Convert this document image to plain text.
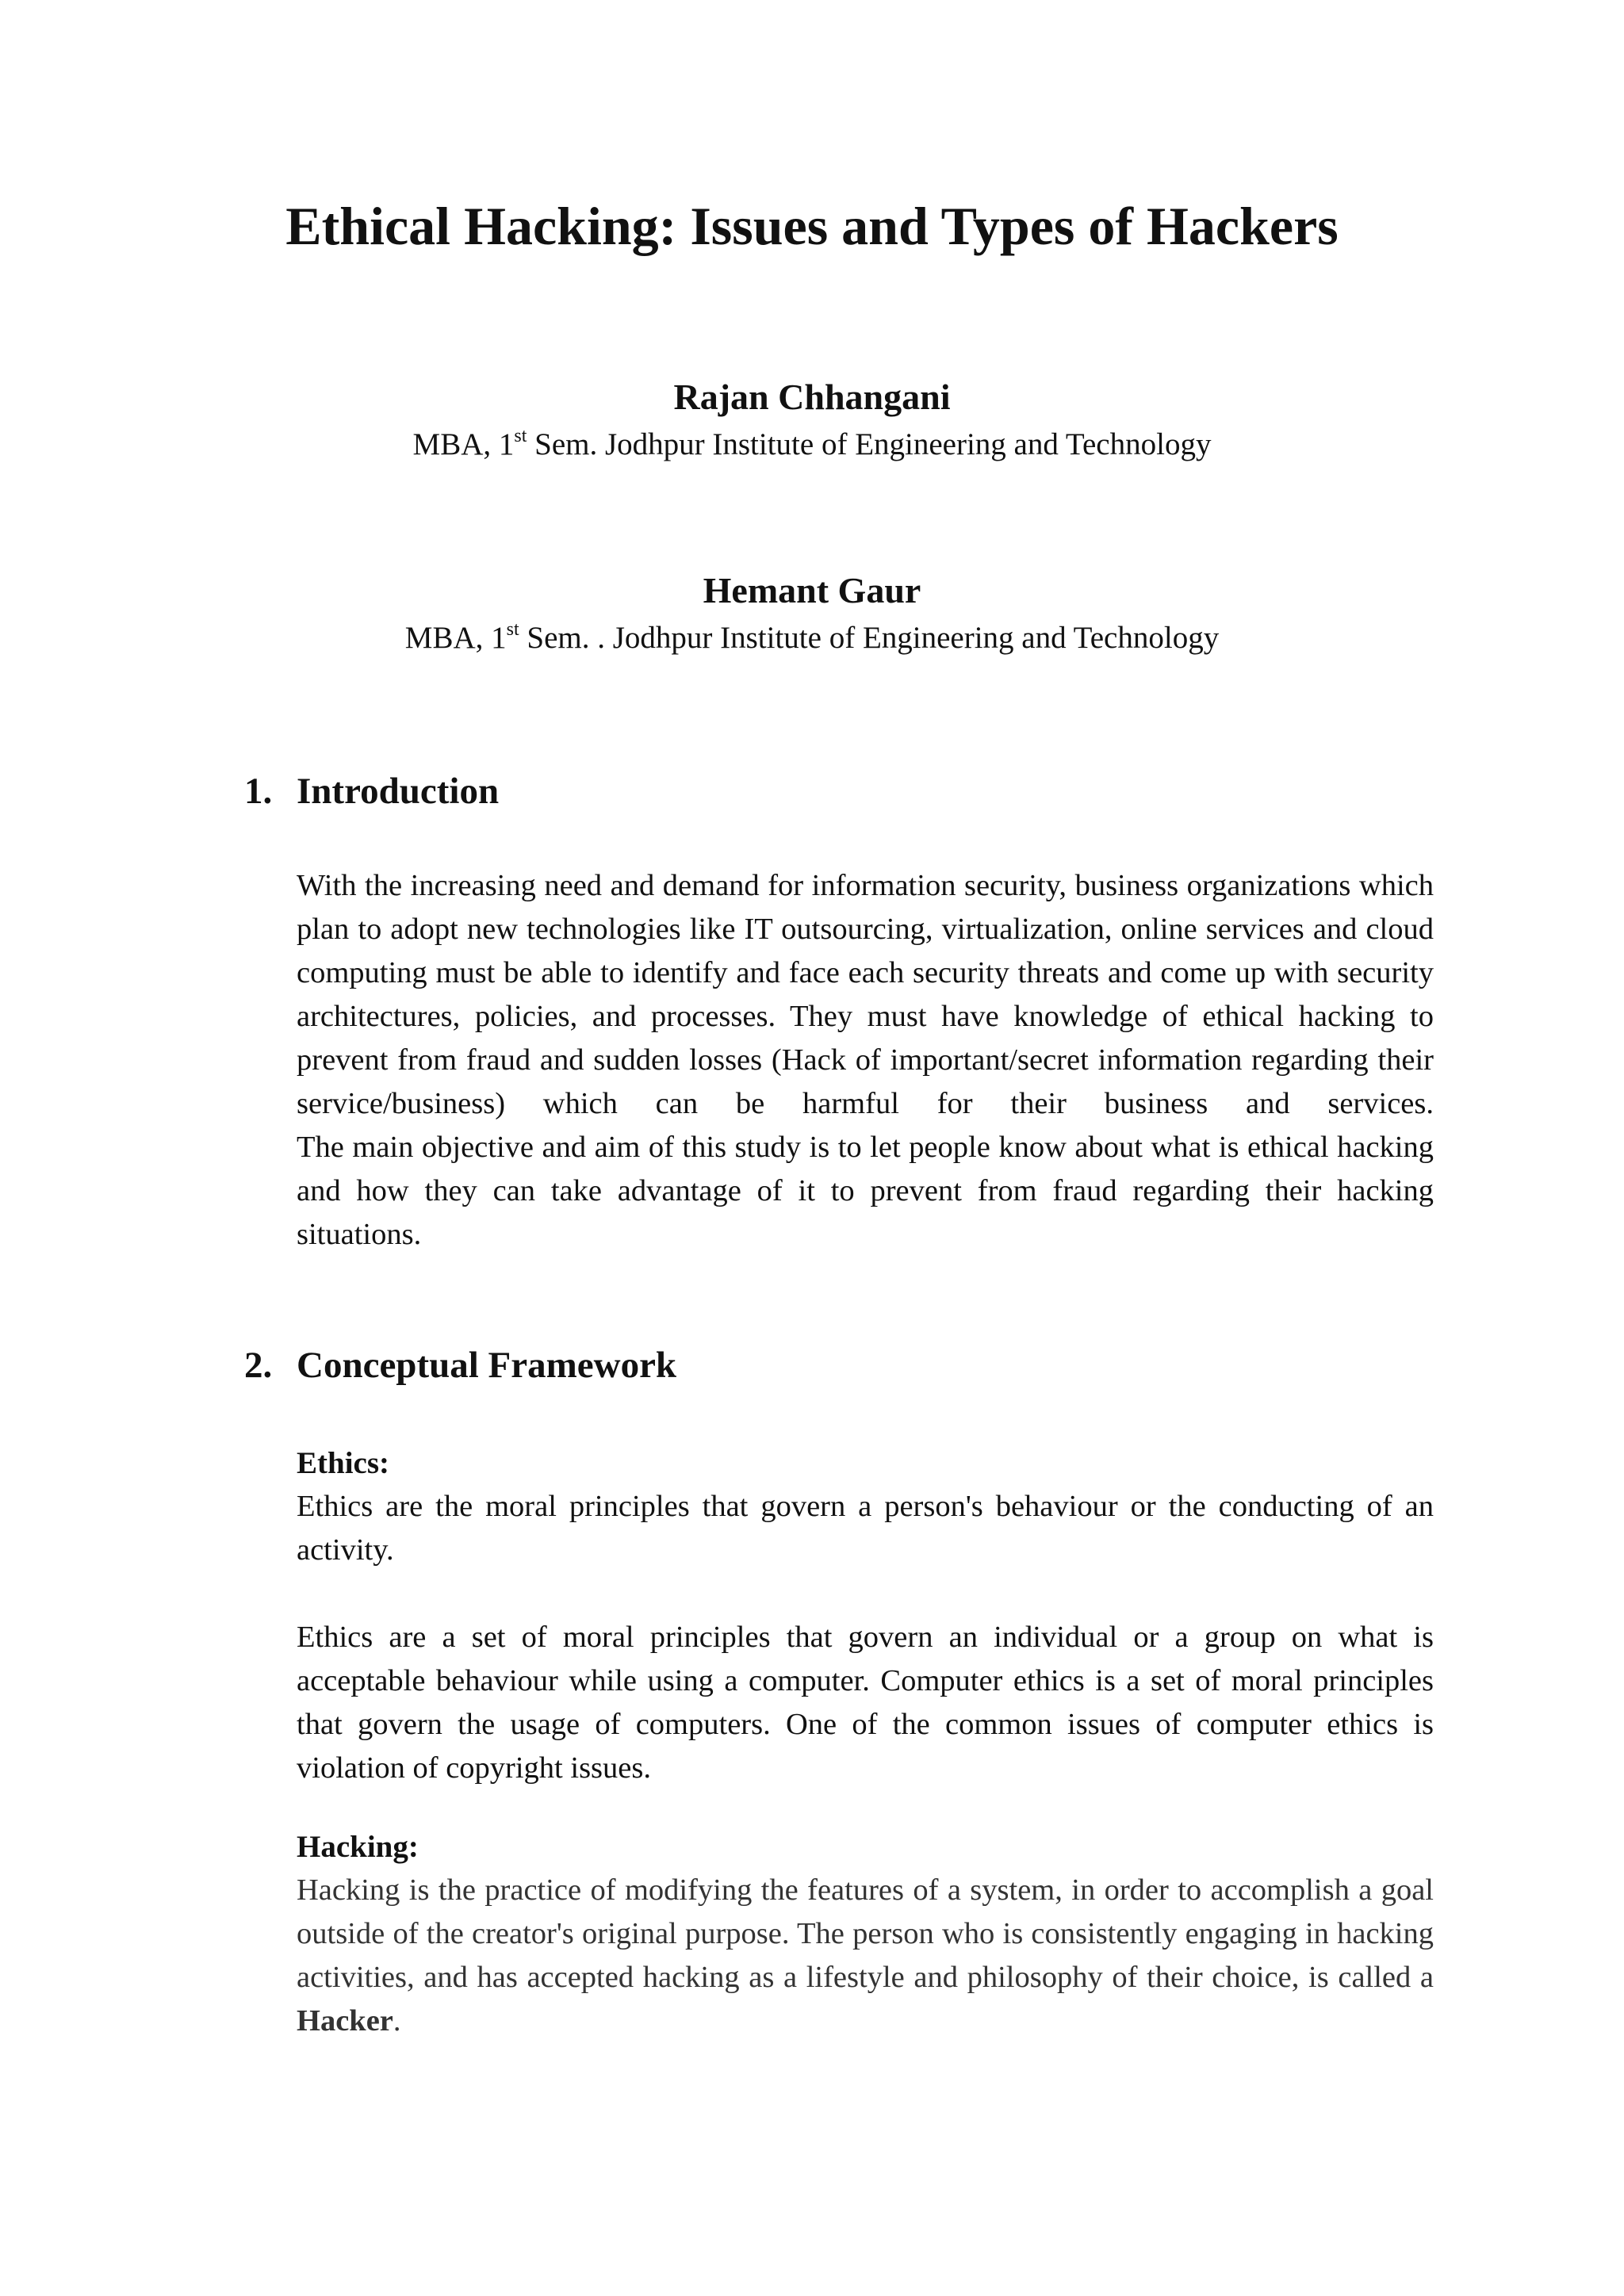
Ethical Hacking: Issues and Types of Hackers

Rajan Chhangani

MBA, 1st Sem. Jodhpur Institute of Engineering and Technology

Hemant Gaur

MBA, 1st Sem. . Jodhpur Institute of Engineering and Technology

1. Introduction

With the increasing need and demand for information security, business organizations which plan to adopt new technologies like IT outsourcing, virtualization, online services and cloud computing must be able to identify and face each security threats and come up with security architectures, policies, and processes. They must have knowledge of ethical hacking to prevent from fraud and sudden losses (Hack of important/secret information regarding their service/business) which can be harmful for their business and services.

The main objective and aim of this study is to let people know about what is ethical hacking and how they can take advantage of it to prevent from fraud regarding their hacking situations.

2. Conceptual Framework

Ethics:

Ethics are the moral principles that govern a person's behaviour or the conducting of an activity.

Ethics are a set of moral principles that govern an individual or a group on what is acceptable behaviour while using a computer. Computer ethics is a set of moral principles that govern the usage of computers. One of the common issues of computer ethics is violation of copyright issues.

Hacking:

Hacking is the practice of modifying the features of a system, in order to accomplish a goal outside of the creator's original purpose. The person who is consistently engaging in hacking activities, and has accepted hacking as a lifestyle and philosophy of their choice, is called a Hacker.
